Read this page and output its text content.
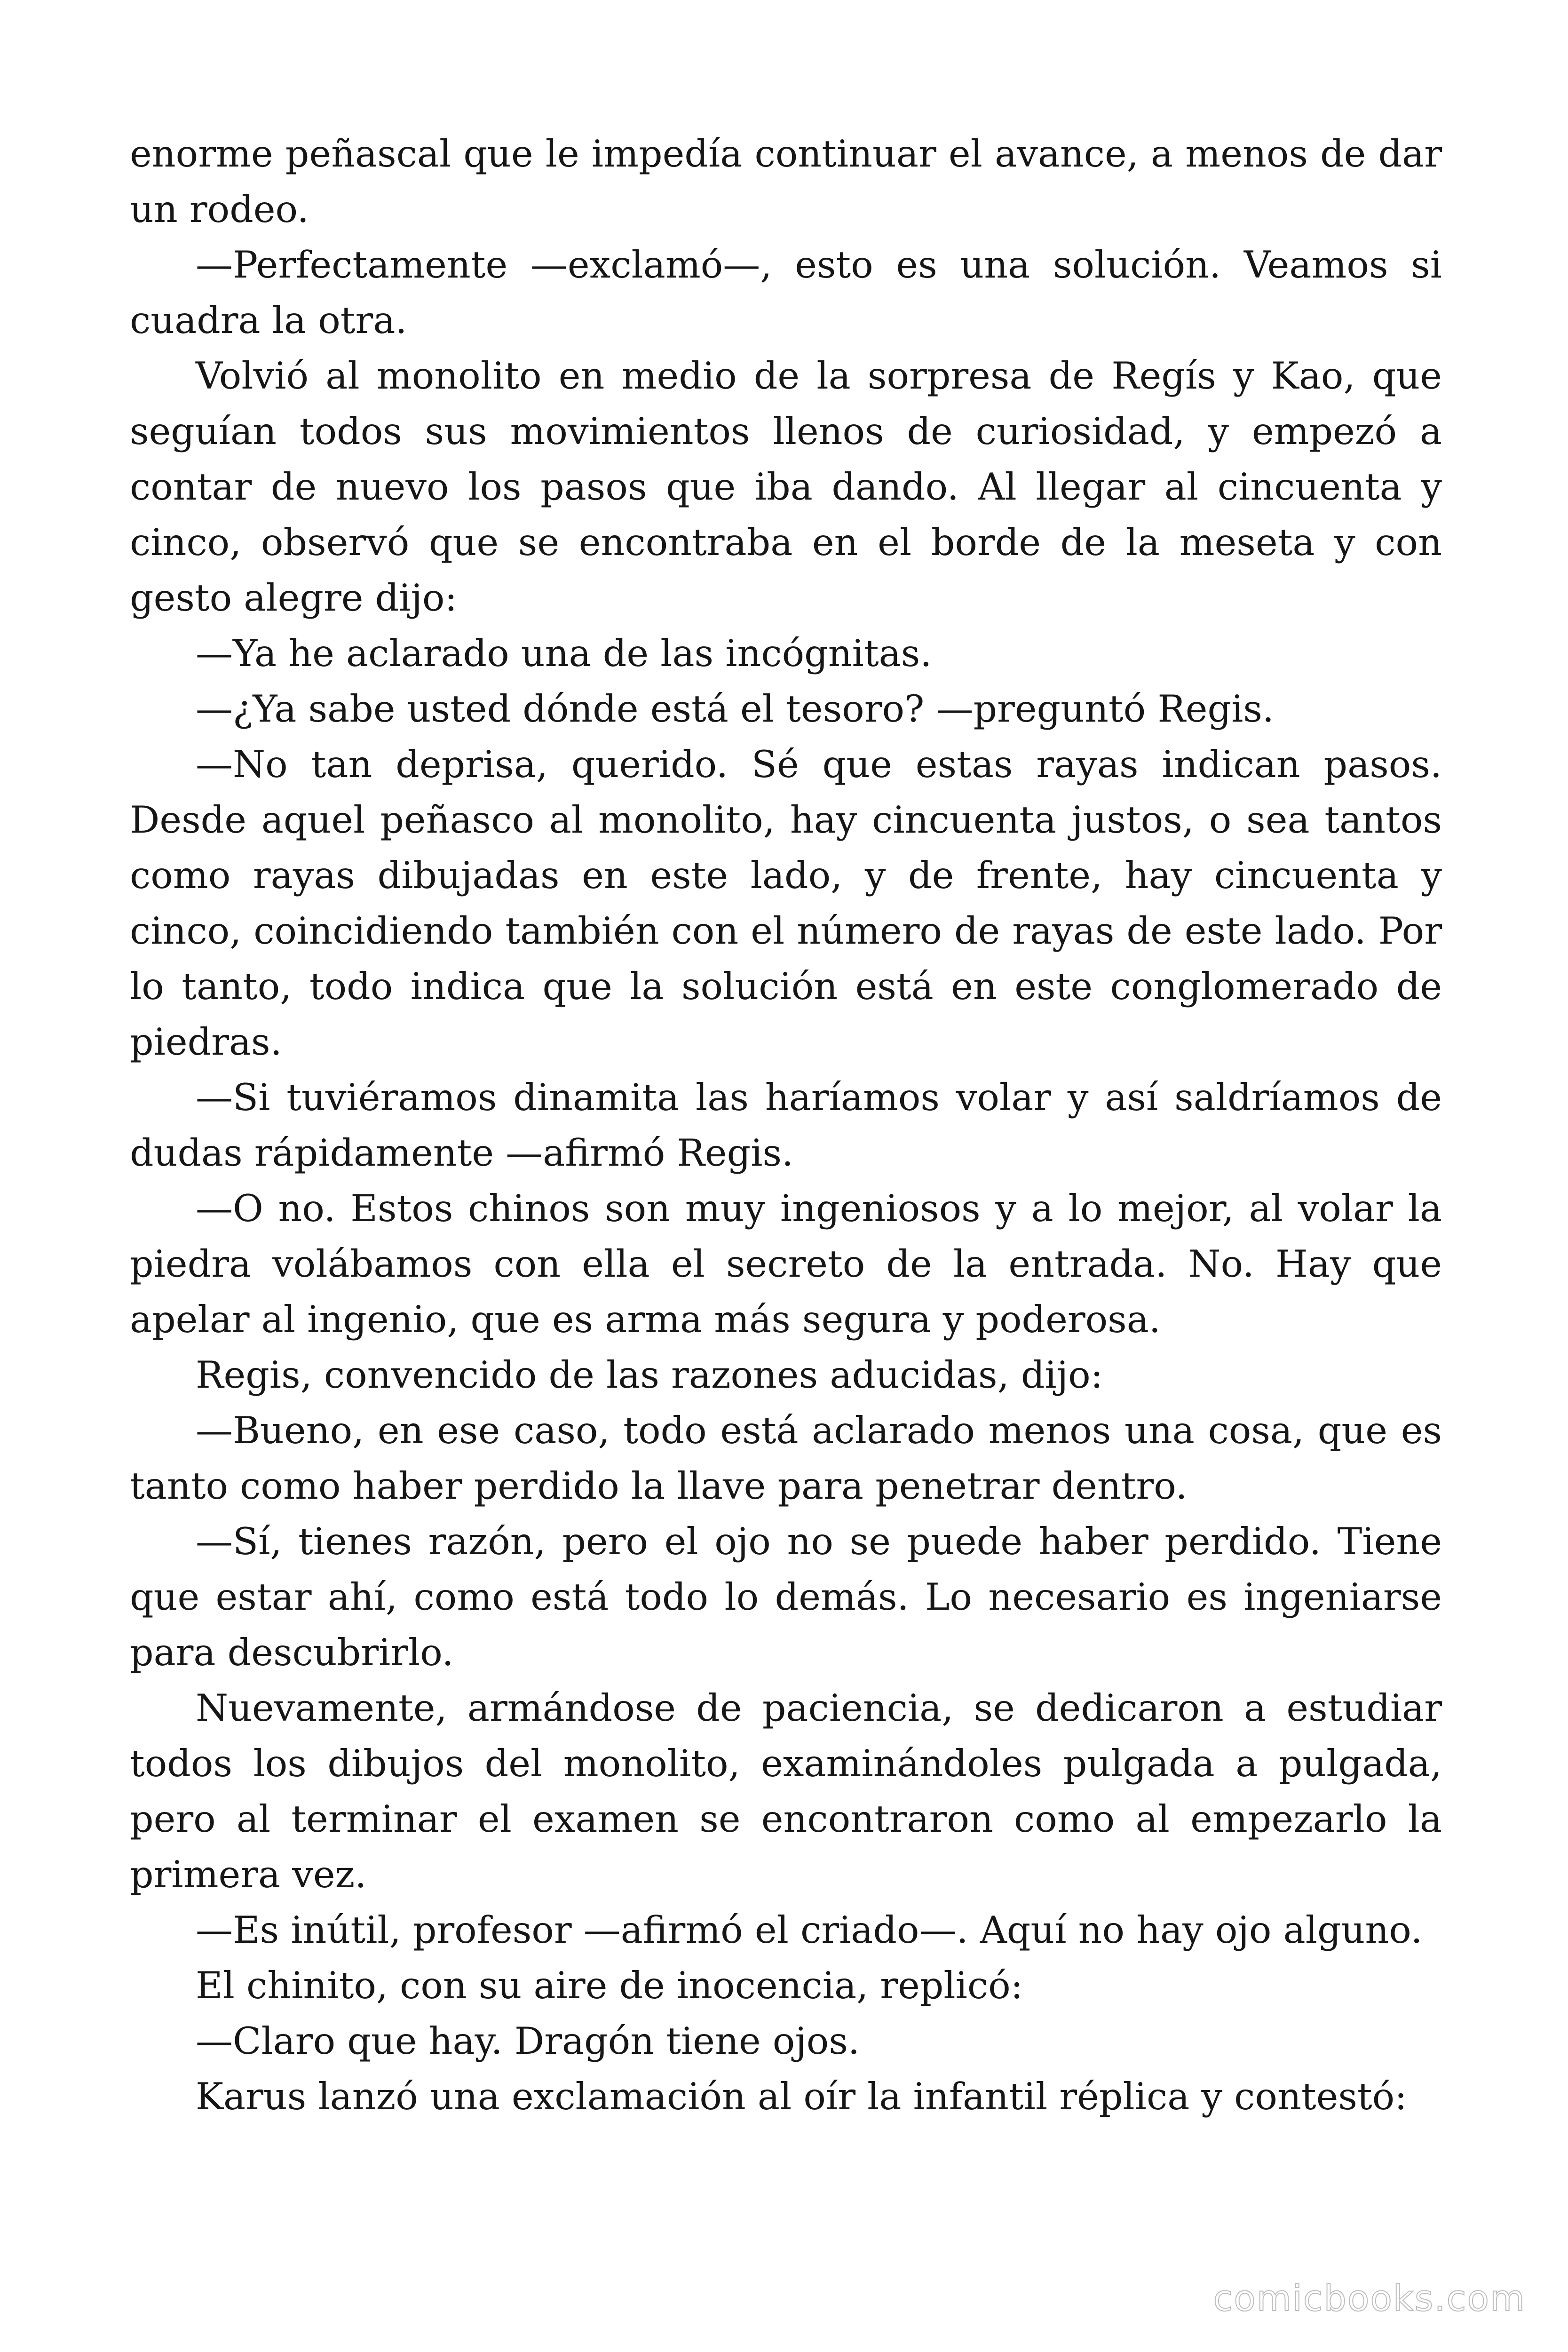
enorme peñascal que le impedía continuar el avance, a menos de dar un rodeo.

—Perfectamente —exclamó—, esto es una solución. Veamos si cuadra la otra.

Volvió al monolito en medio de la sorpresa de Regís y Kao, que seguían todos sus movimientos llenos de curiosidad, y empezó a contar de nuevo los pasos que iba dando. Al llegar al cincuenta y cinco, observó que se encontraba en el borde de la meseta y con gesto alegre dijo:

—Ya he aclarado una de las incógnitas.

—¿Ya sabe usted dónde está el tesoro? —preguntó Regis.

—No tan deprisa, querido. Sé que estas rayas indican pasos. Desde aquel peñasco al monolito, hay cincuenta justos, o sea tantos como rayas dibujadas en este lado, y de frente, hay cincuenta y cinco, coincidiendo también con el número de rayas de este lado. Por lo tanto, todo indica que la solución está en este conglomerado de piedras.

—Si tuviéramos dinamita las haríamos volar y así saldríamos de dudas rápidamente —afirmó Regis.

—O no. Estos chinos son muy ingeniosos y a lo mejor, al volar la piedra volábamos con ella el secreto de la entrada. No. Hay que apelar al ingenio, que es arma más segura y poderosa.

Regis, convencido de las razones aducidas, dijo:

—Bueno, en ese caso, todo está aclarado menos una cosa, que es tanto como haber perdido la llave para penetrar dentro.

—Sí, tienes razón, pero el ojo no se puede haber perdido. Tiene que estar ahí, como está todo lo demás. Lo necesario es ingeniarse para descubrirlo.

Nuevamente, armándose de paciencia, se dedicaron a estudiar todos los dibujos del monolito, examinándoles pulgada a pulgada, pero al terminar el examen se encontraron como al empezarlo la primera vez.

—Es inútil, profesor —afirmó el criado—. Aquí no hay ojo alguno.

El chinito, con su aire de inocencia, replicó:

—Claro que hay. Dragón tiene ojos.

Karus lanzó una exclamación al oír la infantil réplica y contestó:

comicbooks.com
